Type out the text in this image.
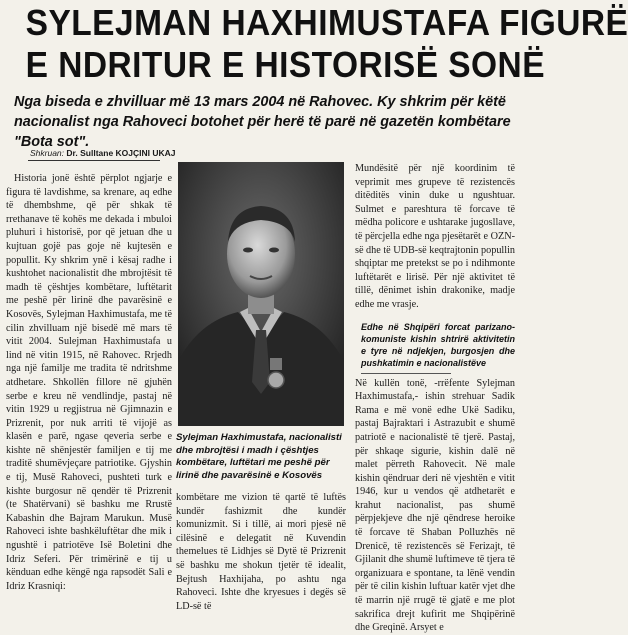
SYLEJMAN HAXHIMUSTAFA FIGURË
E NDRITUR E HISTORISË SONË

Nga biseda e zhvilluar më 13 mars 2004 në Rahovec. Ky shkrim për këtë nacionalist nga Rahoveci botohet për herë të parë në gazetën kombëtare "Bota sot".

Shkruan: Dr. Sulltane KOJÇINI UKAJ

Historia jonë është përplot ngjarje e figura të lavdishme, sa krenare, aq edhe të dhembshme, që për shkak të rrethanave të kohës me dekada i mbuloi pluhuri i historisë, por që jetuan dhe u kujtuan gojë pas goje në kujtesën e popullit. Ky shkrim ynë i kësaj radhe i kushtohet nacionalistit dhe mbrojtësit të madh të çështjes kombëtare, luftëtarit me peshë për lirinë dhe pavarësinë e Kosovës, Sylejman Haxhimustafa, me të cilin zhvilluam një bisedë më mars të vitit 2004. Sulejman Haxhimustafa u lind në vitin 1915, në Rahovec. Rrjedh nga një familje me tradita të ndritshme atdhetare. Shkollën fillore në gjuhën serbe e kreu në vendlindje, pastaj në vitin 1929 u regjistrua në Gjimnazin e Prizrenit, por nuk arriti të vijojë as klasën e parë, ngase qeveria serbe e kishte në shënjestër familjen e tij me traditë shumëvjeçare patriotike. Gjyshin e tij, Musë Rahoveci, pushteti turk e kishte burgosur në qendër të Prizrenit (te Shatërvani) së bashku me Rrustë Kabashin dhe Bajram Marukun. Musë Rahoveci ishte bashkëluftëtar dhe mik i ngushtë i patriotëve Isë Boletini dhe Idriz Seferi. Për trimërinë e tij u kënduan edhe këngë nga rapsodët Sali e Idriz Krasniqi:

Sylejman Haxhimustafa, nacionalisti dhe mbrojtësi i madh i çështjes kombëtare, luftëtari me peshë për lirinë dhe pavarësinë e Kosovës

kombëtare me vizion të qartë të luftës kundër fashizmit dhe kundër komunizmit. Si i tillë, ai mori pjesë në cilësinë e delegatit në Kuvendin themelues të Lidhjes së Dytë të Prizrenit së bashku me shokun tjetër të idealit, Bejtush Haxhijaha, po ashtu nga Rahoveci. Ishte dhe kryesues i degës së LD-së të

Mundësitë për një koordinim të veprimit mes grupeve të rezistencës ditëditës vinin duke u ngushtuar. Sulmet e pareshtura të forcave të mëdha policore e ushtarake jugosllave, të përcjella edhe nga pjesëtarët e OZN-së dhe të UDB-së keqtrajtonin popullin shqiptar me pretekst se po i ndihmonte luftëtarët e lirisë. Për një aktivitet të tillë, dënimet ishin drakonike, madje edhe me vrasje.

Edhe në Shqipëri forcat parizano-komuniste kishin shtrirë aktivitetin e tyre në ndjekjen, burgosjen dhe pushkatimin e nacionalistëve

Në kullën tonë, -rrëfente Sylejman Haxhimustafa,- ishin strehuar Sadik Rama e më vonë edhe Ukë Sadiku, pastaj Bajraktari i Astrazubit e shumë patriotë e nacionalistë të tjerë. Pastaj, për shkaqe sigurie, kishin dalë në malet përreth Rahovecit. Në male kishin qëndruar deri në vjeshtën e vitit 1946, kur u vendos që atdhetarët e krahut nacionalist, pas shumë përpjekjeve dhe një qëndrese heroike të forcave të Shaban Polluzhës në Drenicë, të rezistencës së Ferizajt, të Gjilanit dhe shumë luftimeve të tjera të organizuara e spontane, ta lënë vendin për të cilin kishin luftuar katër vjet dhe të marrin një rrugë të gjatë e me plot sakrifica drejt kufirit me Shqipërinë dhe Greqinë. Arsyet e
